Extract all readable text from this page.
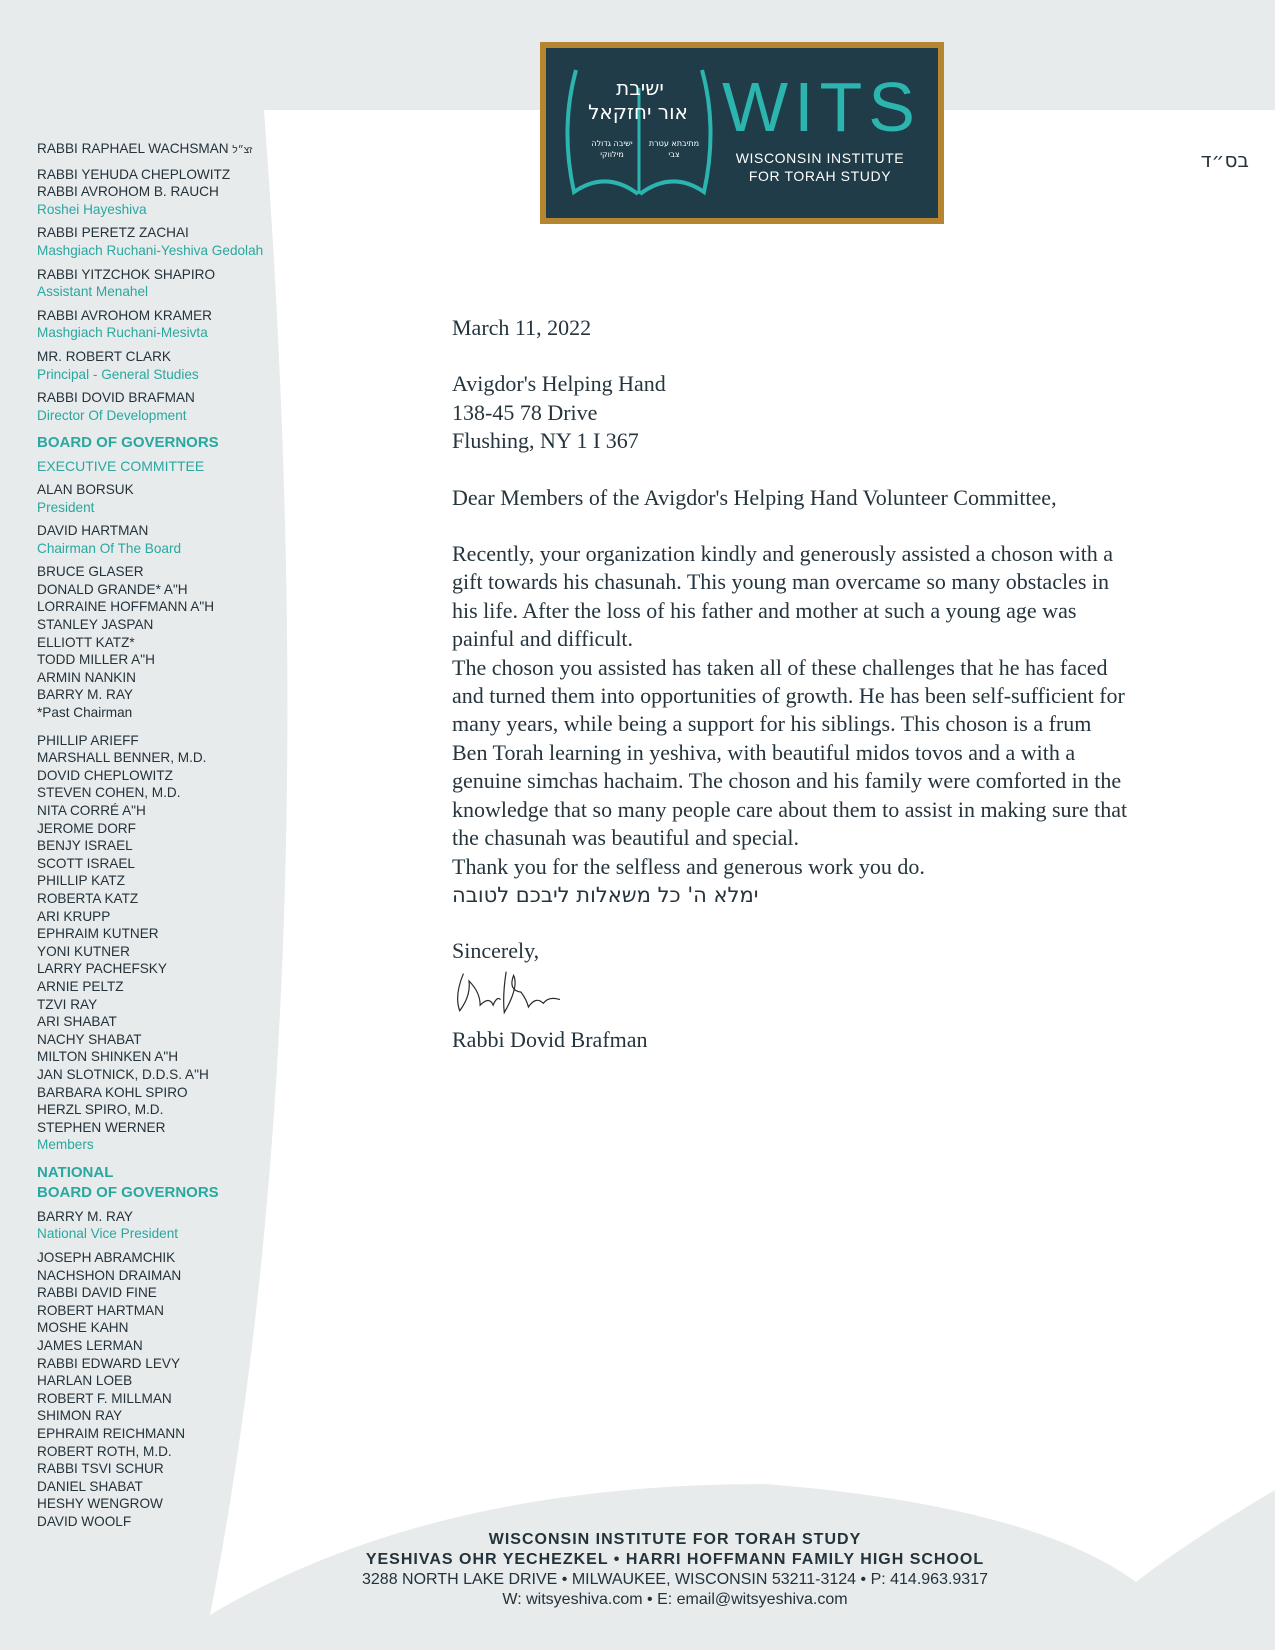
ישיבת
אור יחזקאל
ישיבה גדולה מילווקי
מתיבתא עטרת צבי
WITS
WISCONSIN INSTITUTE
FOR TORAH STUDY
בס״ד
RABBI RAPHAEL WACHSMAN זצ״ל
RABBI YEHUDA CHEPLOWITZ
RABBI AVROHOM B. RAUCH
Roshei Hayeshiva
RABBI PERETZ ZACHAI
Mashgiach Ruchani-Yeshiva Gedolah
RABBI YITZCHOK SHAPIRO
Assistant Menahel
RABBI AVROHOM KRAMER
Mashgiach Ruchani-Mesivta
MR. ROBERT CLARK
Principal - General Studies
RABBI DOVID BRAFMAN
Director Of Development
BOARD OF GOVERNORS
EXECUTIVE COMMITTEE
ALAN BORSUK
President
DAVID HARTMAN
Chairman Of The Board
BRUCE GLASER
DONALD GRANDE* A"H
LORRAINE HOFFMANN A"H
STANLEY JASPAN
ELLIOTT KATZ*
TODD MILLER A"H
ARMIN NANKIN
BARRY M. RAY
*Past Chairman
PHILLIP ARIEFF
MARSHALL BENNER, M.D.
DOVID CHEPLOWITZ
STEVEN COHEN, M.D.
NITA CORRÉ A"H
JEROME DORF
BENJY ISRAEL
SCOTT ISRAEL
PHILLIP KATZ
ROBERTA KATZ
ARI KRUPP
EPHRAIM KUTNER
YONI KUTNER
LARRY PACHEFSKY
ARNIE PELTZ
TZVI RAY
ARI SHABAT
NACHY SHABAT
MILTON SHINKEN A"H
JAN SLOTNICK, D.D.S. A"H
BARBARA KOHL SPIRO
HERZL SPIRO, M.D.
STEPHEN WERNER
Members
NATIONAL
BOARD OF GOVERNORS
BARRY M. RAY
National Vice President
JOSEPH ABRAMCHIK
NACHSHON DRAIMAN
RABBI DAVID FINE
ROBERT HARTMAN
MOSHE KAHN
JAMES LERMAN
RABBI EDWARD LEVY
HARLAN LOEB
ROBERT F. MILLMAN
SHIMON RAY
EPHRAIM REICHMANN
ROBERT ROTH, M.D.
RABBI TSVI SCHUR
DANIEL SHABAT
HESHY WENGROW
DAVID WOOLF

March 11, 2022

Avigdor's Helping Hand

138-45 78 Drive

Flushing, NY 1 I 367

Dear Members of the Avigdor's Helping Hand Volunteer Committee,

Recently, your organization kindly and generously assisted a choson with a gift towards his chasunah. This young man overcame so many obstacles in his life. After the loss of his father and mother at such a young age was painful and difficult.

The choson you assisted has taken all of these challenges that he has faced and turned them into opportunities of growth. He has been self-sufficient for many years, while being a support for his siblings. This choson is a frum Ben Torah learning in yeshiva, with beautiful midos tovos and a with a genuine simchas hachaim. The choson and his family were comforted in the knowledge that so many people care about them to assist in making sure that the chasunah was beautiful and special.

Thank you for the selfless and generous work you do.

ימלא ה' כל משאלות ליבכם לטובה

Sincerely,

Rabbi Dovid Brafman

WISCONSIN INSTITUTE FOR TORAH STUDY
YESHIVAS OHR YECHEZKEL • HARRI HOFFMANN FAMILY HIGH SCHOOL
3288 NORTH LAKE DRIVE • MILWAUKEE, WISCONSIN 53211-3124 • P: 414.963.9317
W: witsyeshiva.com • E: email@witsyeshiva.com
